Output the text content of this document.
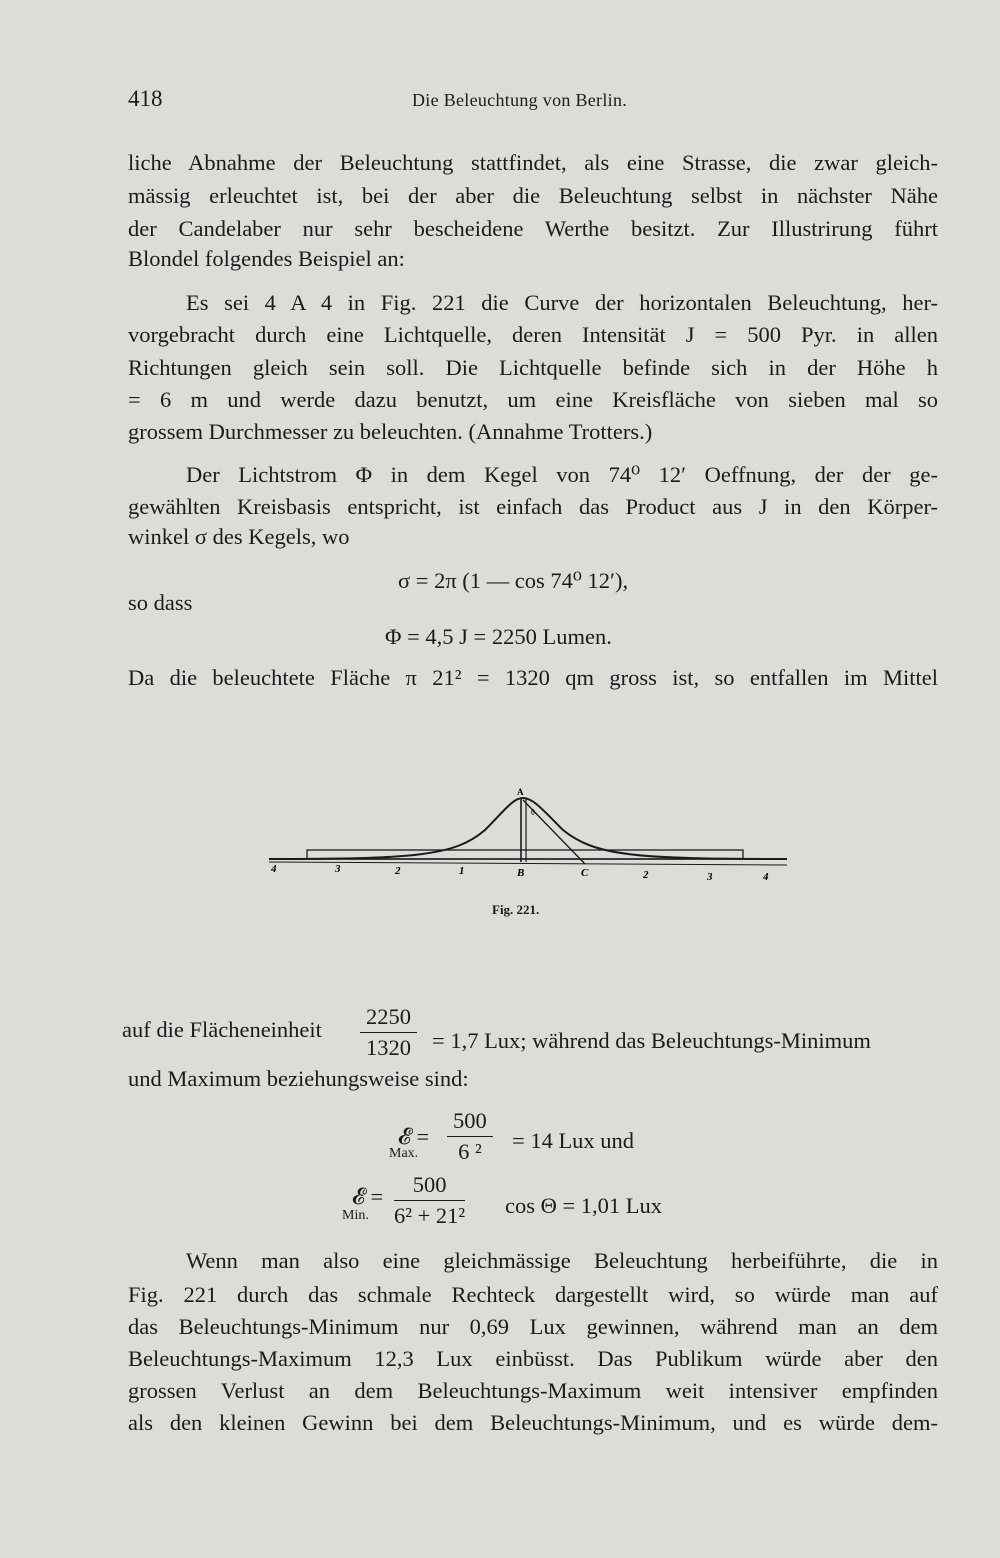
418	Die Beleuchtung von Berlin.
liche Abnahme der Beleuchtung stattfindet, als eine Strasse, die zwar gleich-
mässig erleuchtet ist, bei der aber die Beleuchtung selbst in nächster Nähe
der Candelaber nur sehr bescheidene Werthe besitzt. Zur Illustrirung führt
Blondel folgendes Beispiel an:
Es sei 4 A 4 in Fig. 221 die Curve der horizontalen Beleuchtung, her-
vorgebracht durch eine Lichtquelle, deren Intensität J = 500 Pyr. in allen
Richtungen gleich sein soll. Die Lichtquelle befinde sich in der Höhe h
= 6 m und werde dazu benutzt, um eine Kreisfläche von sieben mal so
grossem Durchmesser zu beleuchten. (Annahme Trotters.)
Der Lichtstrom Φ in dem Kegel von 74⁰ 12′ Oeffnung, der der ge-
gewählten Kreisbasis entspricht, ist einfach das Product aus J in den Körper-
winkel σ des Kegels, wo
σ = 2π (1 — cos 74⁰ 12′),
so dass
Φ = 4,5 J = 2250 Lumen.
Da die beleuchtete Fläche π 21² = 1320 qm gross ist, so entfallen im Mittel
A
θ
4	3	2	1	B	C	2	3	4
Fig. 221.
auf die Flächeneinheit $\frac{2250}{1320} = 1,7$ Lux; während das Beleuchtungs-Minimum
und Maximum beziehungsweise sind:
𝓔 =
Max. $\frac{500}{\text{6 ²}} = 14$ Lux und
𝓔 =
Min. $\frac{500}{\text{6² + 21²}}$ cos Θ = 1,01 Lux
Wenn man also eine gleichmässige Beleuchtung herbeiführte, die in
Fig. 221 durch das schmale Rechteck dargestellt wird, so würde man auf
das Beleuchtungs-Minimum nur 0,69 Lux gewinnen, während man an dem
Beleuchtungs-Maximum 12,3 Lux einbüsst. Das Publikum würde aber den
grossen Verlust an dem Beleuchtungs-Maximum weit intensiver empfinden
als den kleinen Gewinn bei dem Beleuchtungs-Minimum, und es würde dem-
